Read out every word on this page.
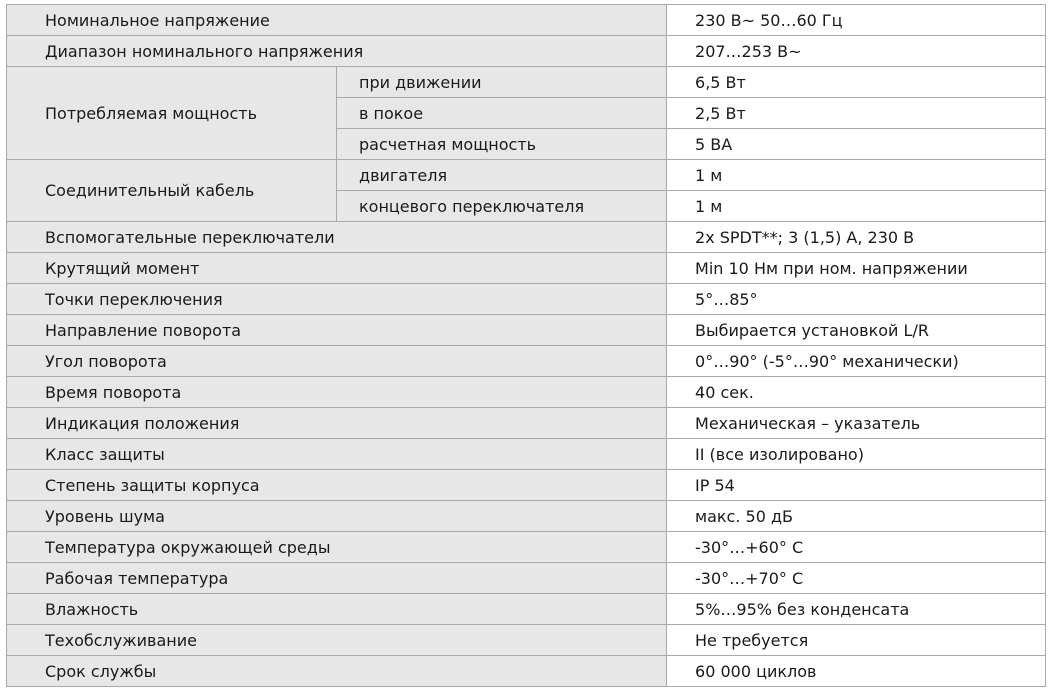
Номинальное напряжение		230 В~ 50…60 Гц
Диапазон номинального напряжения		207…253 В~
Потребляемая мощность	при движении	6,5 Вт
	в покое	2,5 Вт
	расчетная мощность	5 ВА
Соединительный кабель	двигателя	1 м
	концевого переключателя	1 м
Вспомогательные переключатели		2x SPDT**; 3 (1,5) А, 230 В
Крутящий момент		Min 10 Нм при ном. напряжении
Точки переключения		5°…85°
Направление поворота		Выбирается установкой L/R
Угол поворота		0°…90° (-5°…90° механически)
Время поворота		40 сек.
Индикация положения		Механическая – указатель
Класс защиты		II (все изолировано)
Степень защиты корпуса		IP 54
Уровень шума		макс. 50 дБ
Температура окружающей среды		-30°…+60° С
Рабочая температура		-30°…+70° С
Влажность		5%…95% без конденсата
Техобслуживание		Не требуется
Срок службы		60 000 циклов
